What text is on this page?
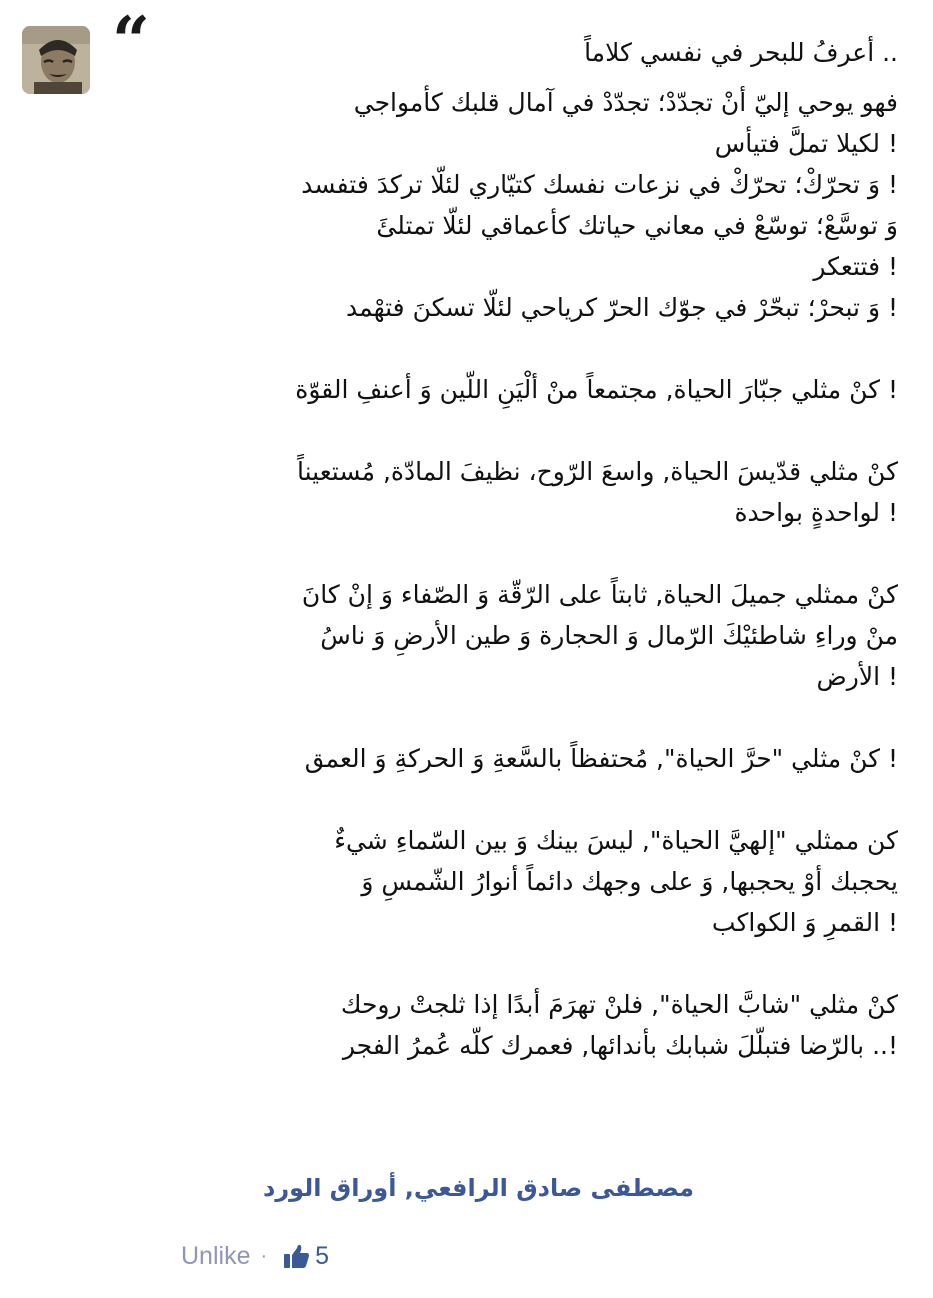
“	.. أعرفُ للبحر في نفسي كلاماً
فهو يوحي إليّ أنْ تجدّدْ؛ تجدّدْ في آمال قلبك كأمواجي
! لكيلا تملَّ فتيأس
! وَ تحرّكْ؛ تحرّكْ في نزعات نفسك كتيّاري لئلّا تركدَ فتفسد
وَ توسَّعْ؛ توسّعْ في معاني حياتك كأعماقي لئلّا تمتلئَ
! فتتعكر
! وَ تبحرْ؛ تبحّرْ في جوّك الحرّ كرياحي لئلّا تسكنَ فتهْمد
! كنْ مثلي جبّارَ الحياة, مجتمعاً منْ ألْيَنِ اللّين وَ أعنفِ القوّة
كنْ مثلي قدّيسَ الحياة, واسعَ الرّوح، نظيفَ المادّة, مُستعيناً
! لواحدةٍ بواحدة
كنْ ممثلي جميلَ الحياة, ثابتاً على الرّقّة وَ الصّفاء وَ إنْ كانَ
منْ وراءِ شاطئيْكَ الرّمال وَ الحجارة وَ طين الأرضِ وَ ناسُ
! الأرض
! كنْ مثلي "حرَّ الحياة", مُحتفظاً بالسَّعةِ وَ الحركةِ وَ العمق
كن ممثلي "إلهيَّ الحياة", ليسَ بينك وَ بين السّماءِ شيءٌ
يحجبك أوْ يحجبها, وَ على وجهك دائماً أنوارُ الشّمسِ وَ
! القمرِ وَ الكواكب
كنْ مثلي "شابَّ الحياة", فلنْ تهرَمَ أبدًا إذا ثلجتْ روحك
!.. بالرّضا فتبلّلَ شبابك بأندائها, فعمرك كلّه عُمرُ الفجر
مصطفى صادق الرافعي, أوراق الورد
Unlike · 5
